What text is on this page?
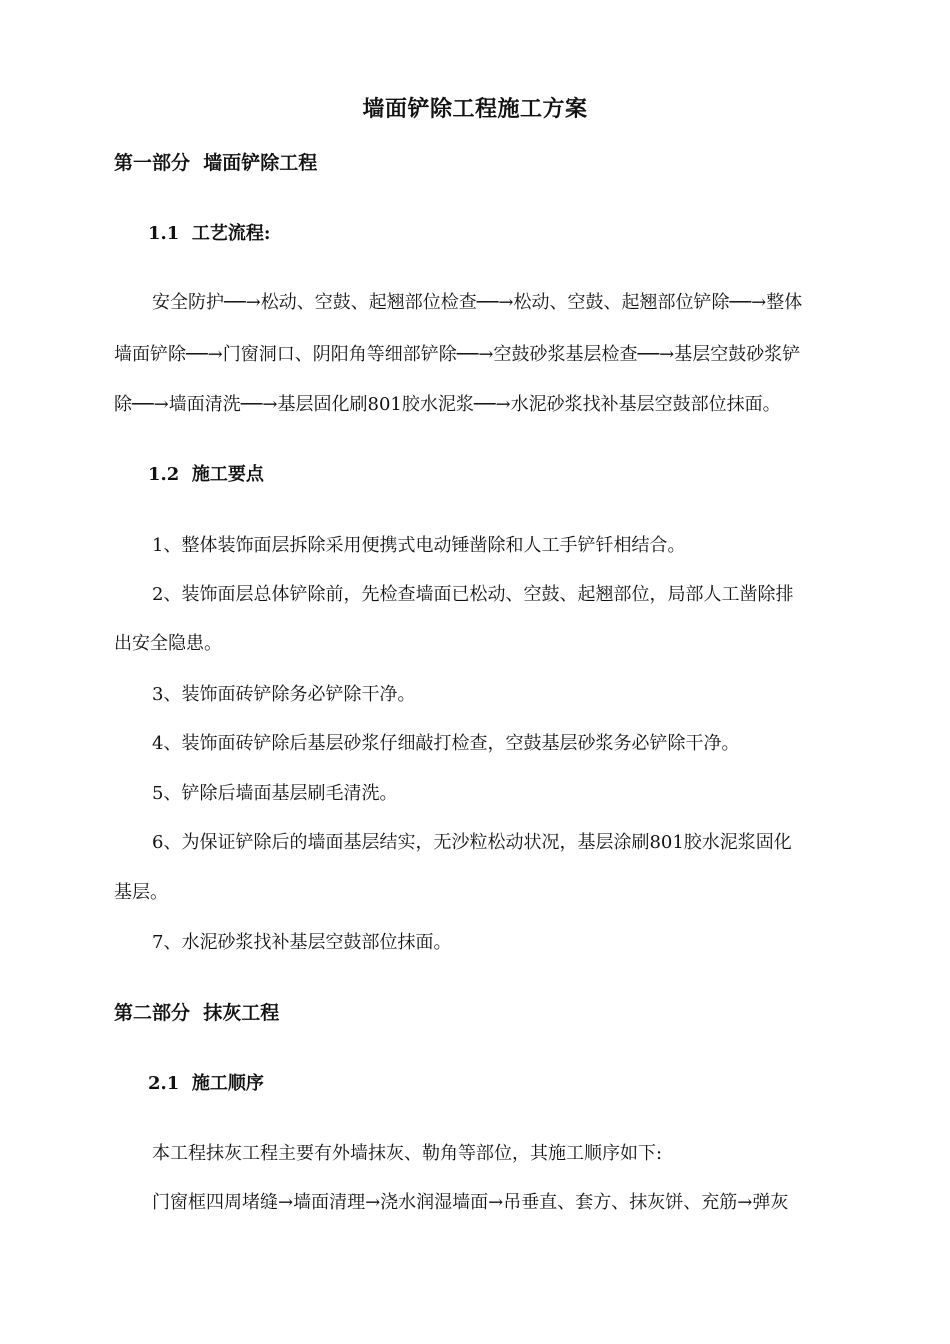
墙面铲除工程施工方案
第一部分  墙面铲除工程
1.1  工艺流程:
安全防护──→松动、空鼓、起翘部位检查──→松动、空鼓、起翘部位铲除──→整体
墙面铲除──→门窗洞口、阴阳角等细部铲除──→空鼓砂浆基层检查──→基层空鼓砂浆铲
除──→墙面清洗──→基层固化刷801胶水泥浆──→水泥砂浆找补基层空鼓部位抹面。
1.2  施工要点
1、整体装饰面层拆除采用便携式电动锤凿除和人工手铲钎相结合。
2、装饰面层总体铲除前，先检查墙面已松动、空鼓、起翘部位，局部人工凿除排
出安全隐患。
3、装饰面砖铲除务必铲除干净。
4、装饰面砖铲除后基层砂浆仔细敲打检查，空鼓基层砂浆务必铲除干净。
5、铲除后墙面基层刷毛清洗。
6、为保证铲除后的墙面基层结实，无沙粒松动状况，基层涂刷801胶水泥浆固化
基层。
7、水泥砂浆找补基层空鼓部位抹面。
第二部分  抹灰工程
2.1  施工顺序
本工程抹灰工程主要有外墙抹灰、勒角等部位，其施工顺序如下:
门窗框四周堵缝→墙面清理→浇水润湿墙面→吊垂直、套方、抹灰饼、充筋→弹灰
